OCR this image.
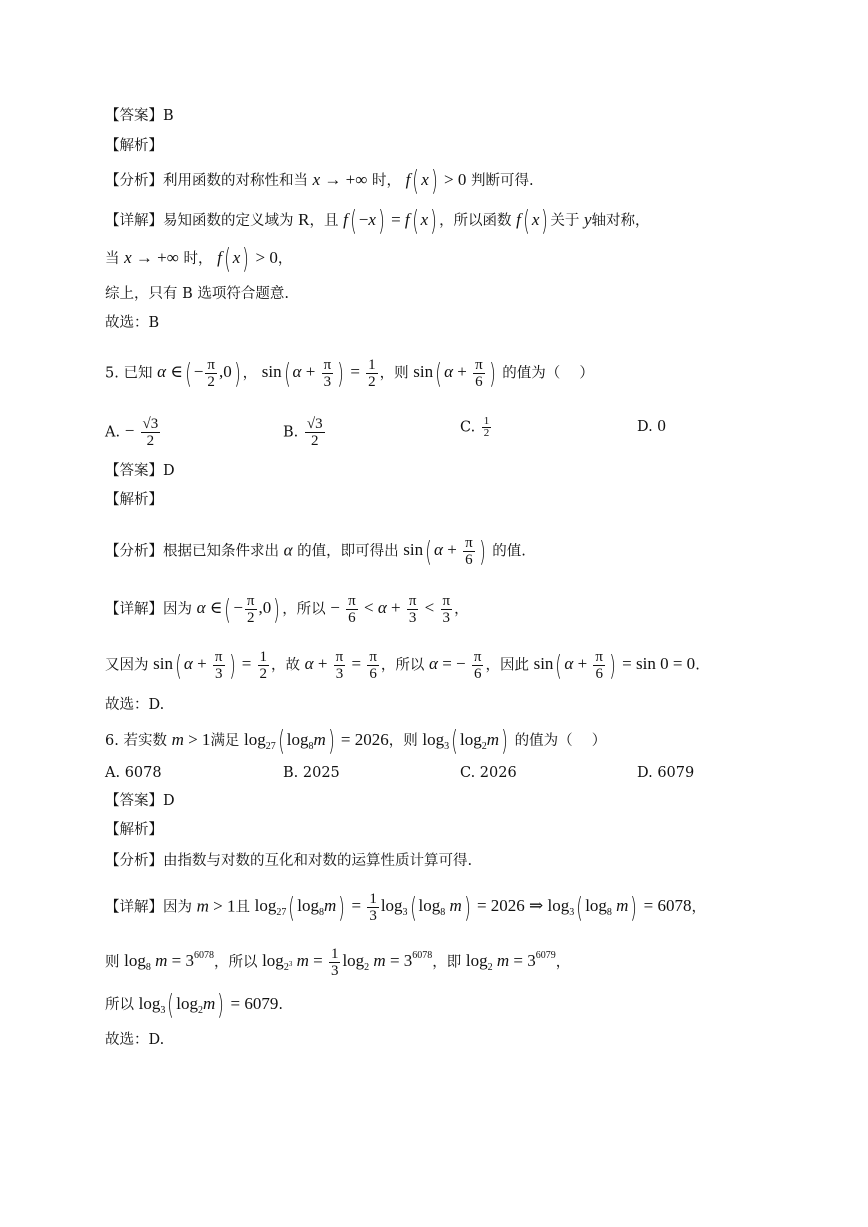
【答案】B
【解析】
【分析】利用函数的对称性和当 x → +∞ 时， f( x) > 0 判断可得.
【详解】易知函数的定义域为 R，且 f( −x) = f( x) ，所以函数 f( x) 关于 y轴对称，
当 x → +∞ 时， f( x) > 0，
综上，只有 B 选项符合题意.
故选：B
5. 已知 α ∈( − $\frac{\pi}{2} ,0$) ， sin( $\alpha + \frac{\pi}{3}$ ) = $\frac{1}{2}$ ，则 sin( $\alpha + \frac{\pi}{6}$ ) 的值为（　 ）
A. − $\frac{√3}{2}$	B. $\frac{√3}{2}$	C. $\frac{1}{2}$	D. 0
【答案】D
【解析】
【分析】根据已知条件求出 α 的值，即可得出 sin( $\alpha + \frac{\pi}{6}$ ) 的值.
【详解】因为 α ∈( − $\frac{\pi}{2} ,0$) ，所以 − $\frac{\pi}{6} < \alpha + \frac{\pi}{3} < \frac{\pi}{3}$ ，
又因为 sin( $\alpha + \frac{\pi}{3}$ ) = $\frac{1}{2}$ ，故 $\alpha + \frac{\pi}{3} = \frac{\pi}{6}$ ，所以 α = − $\frac{\pi}{6}$ ，因此 sin( $\alpha + \frac{\pi}{6}$ ) = sin 0 = 0.
故选：D.
6. 若实数 m > 1满足 $\log_{27}$( $\log_8m) = 2026$，则 $\log_3$( $\log_2m$) 的值为（　 ）
A. 6078	B. 2025	C. 2026	D. 6079
【答案】D
【解析】
【分析】由指数与对数的互化和对数的运算性质计算可得.
【详解】因为 m > 1且 $\log_{27}$( $\log_8m) = \frac{1}{3} \log_3$( $\log_8 m) = 2026$ ⇒ $\log_3$( $\log_8 m) = 6078$，
则 $\log_8 m = 3^{6078}$，所以 $\log_{2^3} m = \frac{1}{3} \log_2 m = 3^{6078}$，即 $\log_2 m = 3^{6079}$，
所以 $\log_3$( $\log_2m) = 6079$.
故选：D.
